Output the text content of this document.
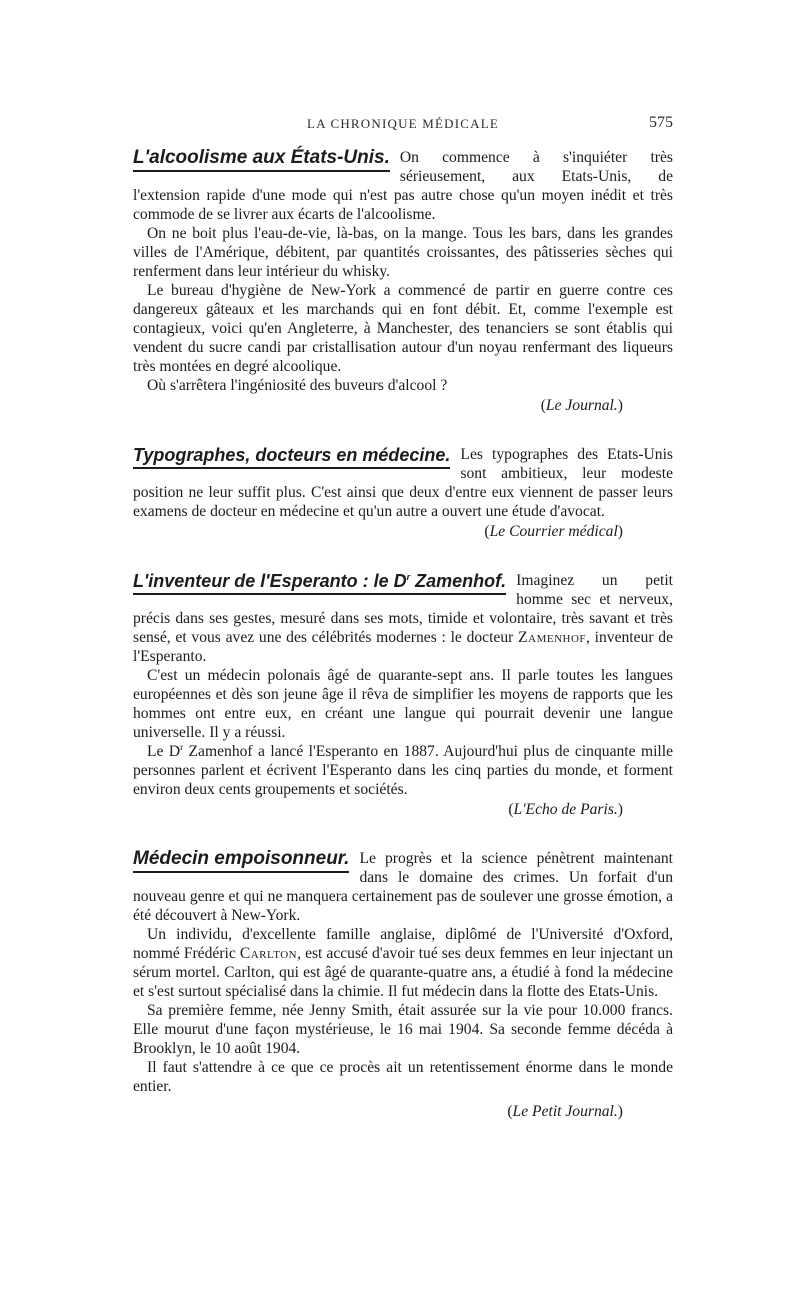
LA CHRONIQUE MÉDICALE	575
L'alcoolisme aux États-Unis. On commence à s'inquiéter très sérieusement, aux Etats-Unis, de l'extension rapide d'une mode qui n'est pas autre chose qu'un moyen inédit et très commode de se livrer aux écarts de l'alcoolisme.

On ne boit plus l'eau-de-vie, là-bas, on la mange. Tous les bars, dans les grandes villes de l'Amérique, débitent, par quantités croissantes, des pâtisseries sèches qui renferment dans leur intérieur du whisky.

Le bureau d'hygiène de New-York a commencé de partir en guerre contre ces dangereux gâteaux et les marchands qui en font débit. Et, comme l'exemple est contagieux, voici qu'en Angleterre, à Manchester, des tenanciers se sont établis qui vendent du sucre candi par cristallisation autour d'un noyau renfermant des liqueurs très montées en degré alcoolique.

Où s'arrêtera l'ingéniosité des buveurs d'alcool ?

(Le Journal.)
Typographes, docteurs en médecine. Les typographes des Etats-Unis sont ambitieux, leur modeste position ne leur suffit plus. C'est ainsi que deux d'entre eux viennent de passer leurs examens de docteur en médecine et qu'un autre a ouvert une étude d'avocat.

(Le Courrier médical)
L'inventeur de l'Esperanto : le $D^r$ Zamenhof. Imaginez un petit homme sec et nerveux, précis dans ses gestes, mesuré dans ses mots, timide et volontaire, très savant et très sensé, et vous avez une des célébrités modernes : le docteur Zamenhof, inventeur de l'Esperanto.

C'est un médecin polonais âgé de quarante-sept ans. Il parle toutes les langues européennes et dès son jeune âge il rêva de simplifier les moyens de rapports que les hommes ont entre eux, en créant une langue qui pourrait devenir une langue universelle. Il y a réussi.

Le $D^r$ Zamenhof a lancé l'Esperanto en 1887. Aujourd'hui plus de cinquante mille personnes parlent et écrivent l'Esperanto dans les cinq parties du monde, et forment environ deux cents groupements et sociétés.

(L'Echo de Paris.)
Médecin empoisonneur. Le progrès et la science pénètrent maintenant dans le domaine des crimes. Un forfait d'un nouveau genre et qui ne manquera certainement pas de soulever une grosse émotion, a été découvert à New-York.

Un individu, d'excellente famille anglaise, diplômé de l'Université d'Oxford, nommé Frédéric Carlton, est accusé d'avoir tué ses deux femmes en leur injectant un sérum mortel. Carlton, qui est âgé de quarante-quatre ans, a étudié à fond la médecine et s'est surtout spécialisé dans la chimie. Il fut médecin dans la flotte des Etats-Unis.

Sa première femme, née Jenny Smith, était assurée sur la vie pour 10.000 francs. Elle mourut d'une façon mystérieuse, le 16 mai 1904. Sa seconde femme décéda à Brooklyn, le 10 août 1904.

Il faut s'attendre à ce que ce procès ait un retentissement énorme dans le monde entier.

(Le Petit Journal.)
